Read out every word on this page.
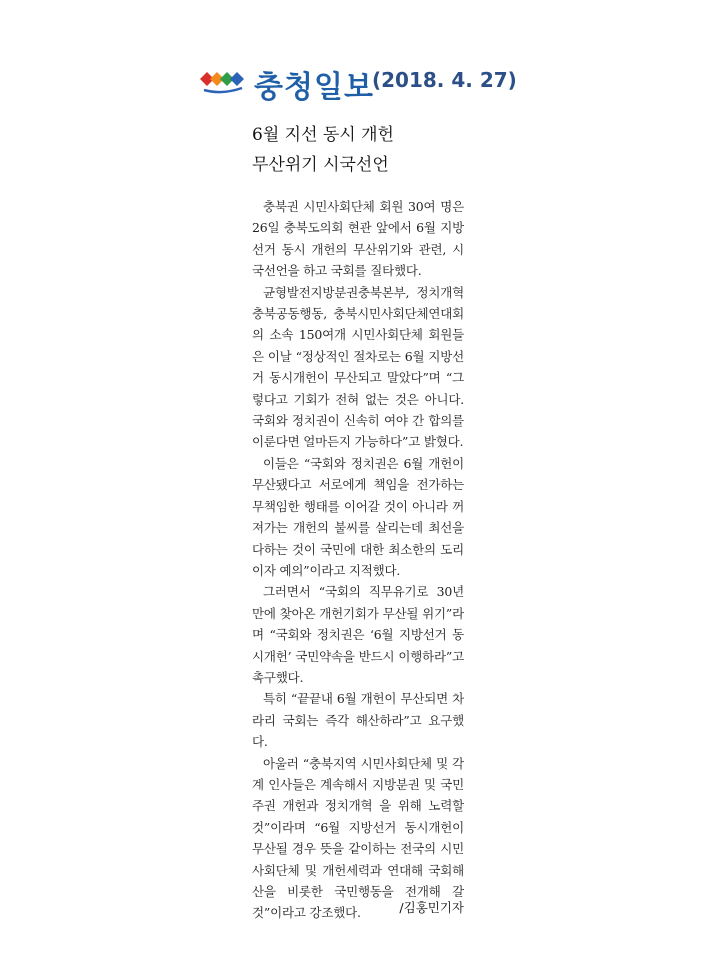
충청일보
(2018. 4. 27)
6월 지선 동시 개헌
무산위기 시국선언

충북권 시민사회단체 회원 30여 명은 26일 충북도의회 현관 앞에서 6월 지방선거 동시 개헌의 무산위기와 관련, 시국선언을 하고 국회를 질타했다.

균형발전지방분권충북본부, 정치개혁충북공동행동, 충북시민사회단체연대회의 소속 150여개 시민사회단체 회원들은 이날 “정상적인 절차로는 6월 지방선거 동시개헌이 무산되고 말았다”며 “그렇다고 기회가 전혀 없는 것은 아니다. 국회와 정치권이 신속히 여야 간 합의를 이룬다면 얼마든지 가능하다”고 밝혔다.

이들은 “국회와 정치권은 6월 개헌이 무산됐다고 서로에게 책임을 전가하는 무책임한 행태를 이어갈 것이 아니라 꺼져가는 개헌의 불씨를 살리는데 최선을 다하는 것이 국민에 대한 최소한의 도리이자 예의”이라고 지적했다.

그러면서 “국회의 직무유기로 30년 만에 찾아온 개헌기회가 무산될 위기”라며 “국회와 정치권은 ‘6월 지방선거 동시개헌’ 국민약속을 반드시 이행하라”고 촉구했다.

특히 “끝끝내 6월 개헌이 무산되면 차라리 국회는 즉각 해산하라”고 요구했다.

아울러 “충북지역 시민사회단체 및 각계 인사들은 계속해서 지방분권 및 국민주권 개헌과 정치개혁 을 위해 노력할 것”이라며 “6월 지방선거 동시개헌이 무산될 경우 뜻을 같이하는 전국의 시민사회단체 및 개헌세력과 연대해 국회해산을 비롯한 국민행동을 전개해 갈 것”이라고 강조했다.	/김홍민기자
